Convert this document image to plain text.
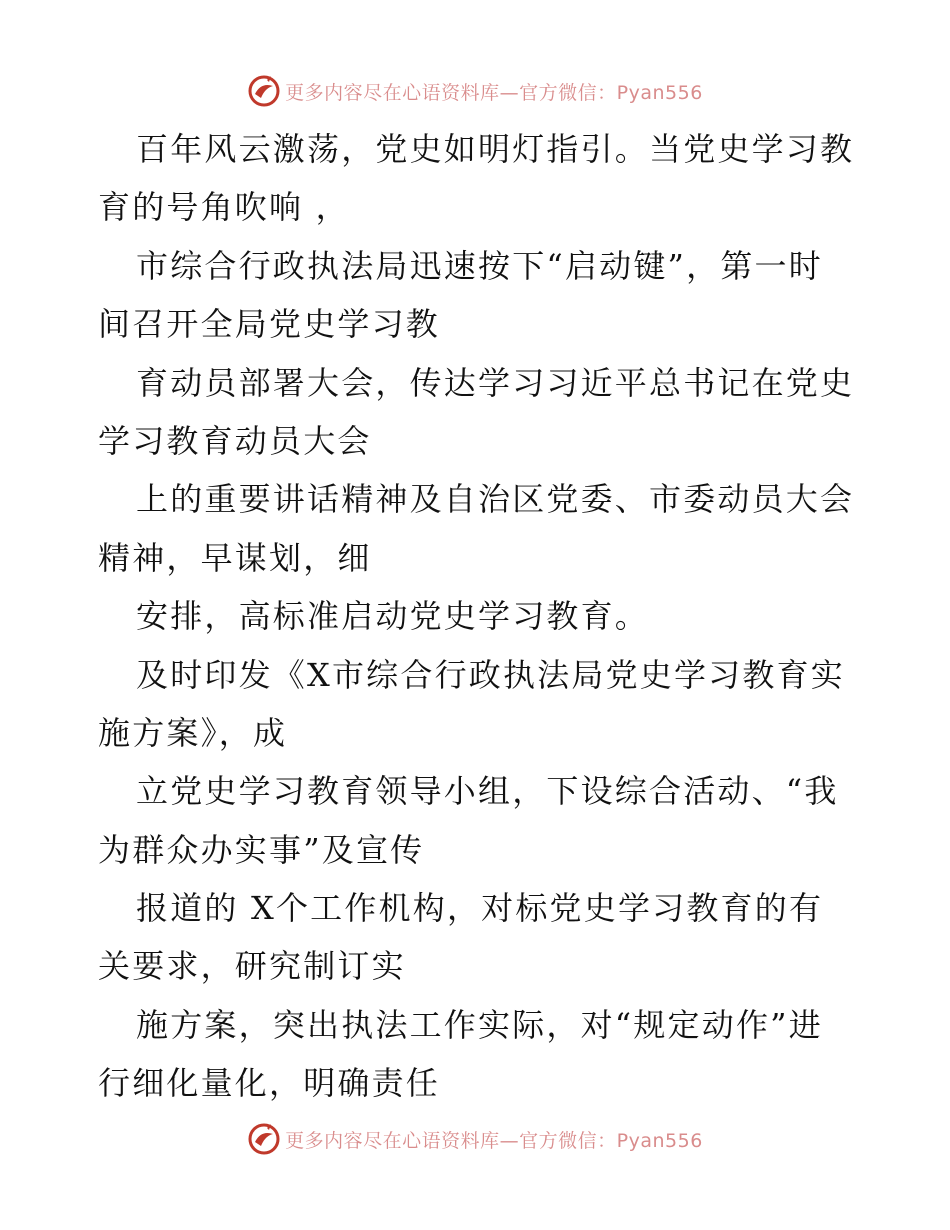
更多内容尽在心语资料库—官方微信：Pyan556
百年风云激荡，党史如明灯指引。当党史学习教
育的号角吹响 ，
市综合行政执法局迅速按下“启动键”，第一时
间召开全局党史学习教
育动员部署大会，传达学习习近平总书记在党史
学习教育动员大会
上的重要讲话精神及自治区党委、市委动员大会
精神，早谋划，细
安排，高标准启动党史学习教育。
及时印发《X市综合行政执法局党史学习教育实
施方案》，成
立党史学习教育领导小组，下设综合活动、“我
为群众办实事”及宣传
报道的 X个工作机构，对标党史学习教育的有
关要求，研究制订实
施方案，突出执法工作实际，对“规定动作”进
行细化量化，明确责任
更多内容尽在心语资料库—官方微信：Pyan556
